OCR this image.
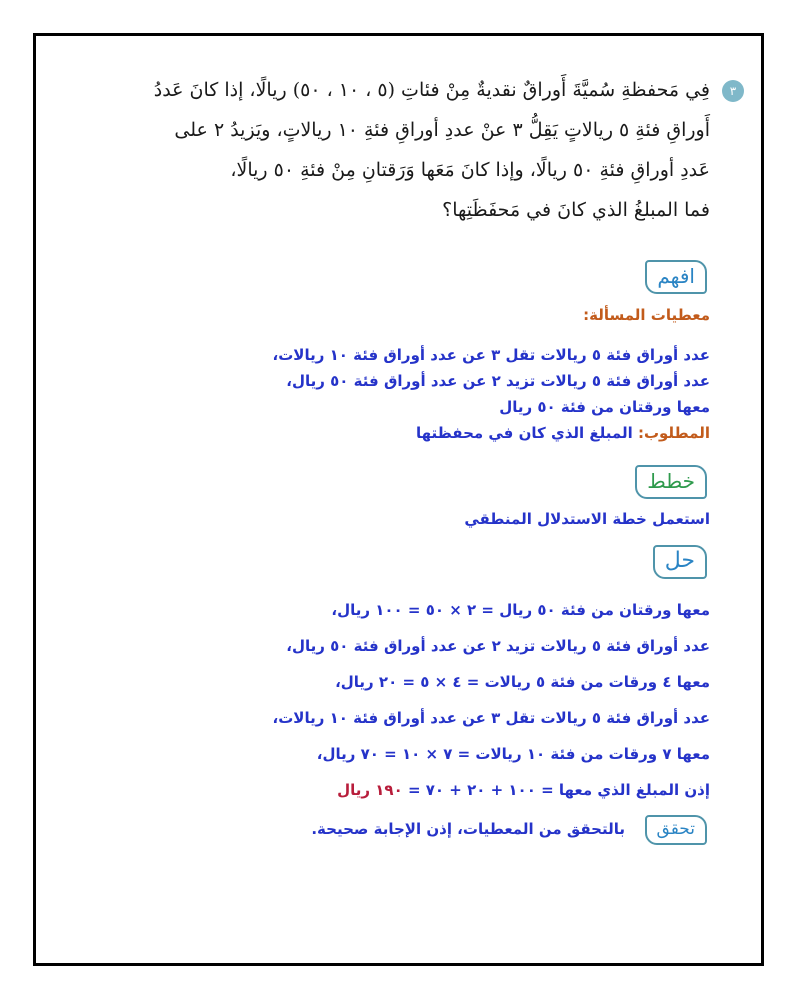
٣
فِي مَحفظةِ سُميَّةَ أَوراقٌ نقديةٌ مِنْ فئاتِ (٥ ، ١٠ ، ٥٠) ريالًا، إذا كانَ عَددُ
أَوراقِ فئةِ ٥ ريالاتٍ يَقِلُّ ٣ عنْ عددِ أوراقِ فئةِ ١٠ ريالاتٍ، ويَزيدُ ٢ على
عَددِ أوراقِ فئةِ ٥٠ ريالًا، وإذا كانَ مَعَها وَرَقتانِ مِنْ فئةِ ٥٠ ريالًا،
فما المبلغُ الذي كانَ في مَحفَظَتِها؟
افهم
معطيات المسألة:
عدد أوراق فئة ٥ ريالات تقل ٣ عن عدد أوراق فئة ١٠ ريالات،
عدد أوراق فئة ٥ ريالات تزيد ٢ عن عدد أوراق فئة ٥٠ ريال،
معها ورقتان من فئة ٥٠ ريال
المطلوب: المبلغ الذي كان في محفظتها
خطط
استعمل خطة الاستدلال المنطقي
حل
معها ورقتان من فئة ٥٠ ريال = ٢ × ٥٠ = ١٠٠ ريال،
عدد أوراق فئة ٥ ريالات تزيد ٢ عن عدد أوراق فئة ٥٠ ريال،
معها ٤ ورقات من فئة ٥ ريالات = ٤ × ٥ = ٢٠ ريال،
عدد أوراق فئة ٥ ريالات تقل ٣ عن عدد أوراق فئة ١٠ ريالات،
معها ٧ ورقات من فئة ١٠ ريالات = ٧ × ١٠ = ٧٠ ريال،
إذن المبلغ الذي معها = ١٠٠ + ٢٠ + ٧٠ = ١٩٠ ريال
تحقق
بالتحقق من المعطيات، إذن الإجابة صحيحة.
